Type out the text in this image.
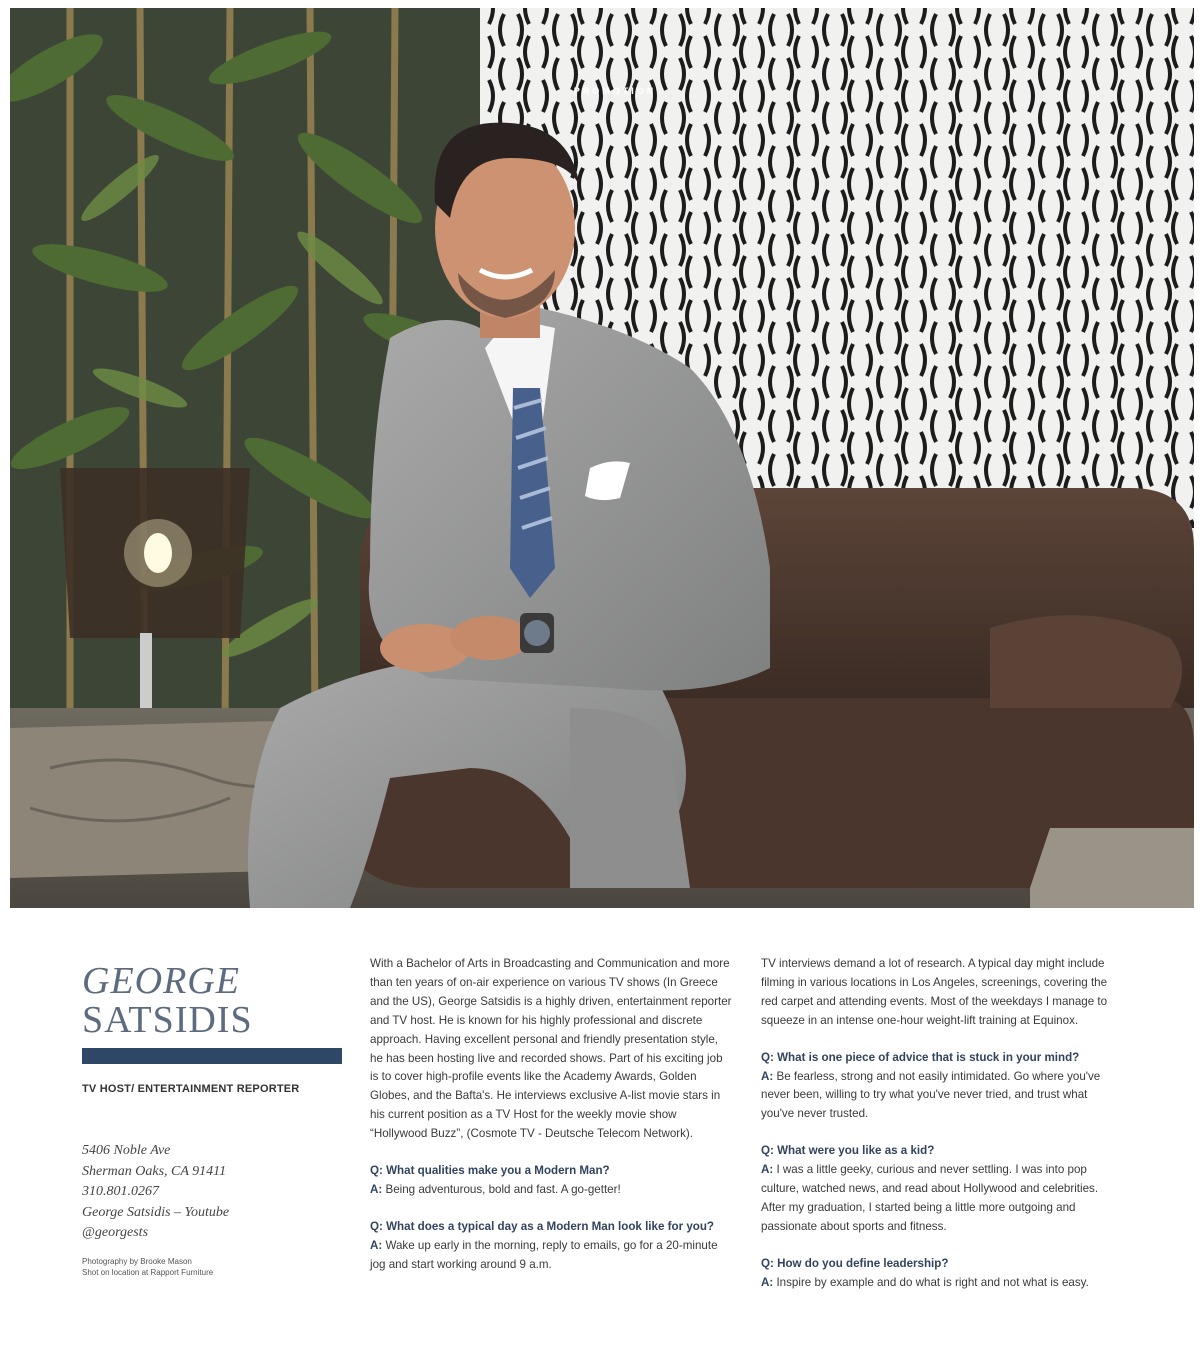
PROMOTION
GEORGE
SATSIDIS
TV HOST/ ENTERTAINMENT REPORTER
5406 Noble Ave
Sherman Oaks, CA 91411
310.801.0267
George Satsidis – Youtube
@georgests
Photography by Brooke Mason
Shot on location at Rapport Furniture

With a Bachelor of Arts in Broadcasting and Communication and more than ten years of on-air experience on various TV shows (In Greece and the US), George Satsidis is a highly driven, entertainment reporter and TV host. He is known for his highly professional and discrete approach. Having excellent personal and friendly presentation style, he has been hosting live and recorded shows. Part of his exciting job is to cover high-profile events like the Academy Awards, Golden Globes, and the Bafta's. He interviews exclusive A-list movie stars in his current position as a TV Host for the weekly movie show “Hollywood Buzz”, (Cosmote TV - Deutsche Telecom Network).

Q: What qualities make you a Modern Man?
A: Being adventurous, bold and fast. A go-getter!

Q: What does a typical day as a Modern Man look like for you?
A: Wake up early in the morning, reply to emails, go for a 20-minute jog and start working around 9 a.m.

TV interviews demand a lot of research. A typical day might include filming in various locations in Los Angeles, screenings, covering the red carpet and attending events. Most of the weekdays I manage to squeeze in an intense one-hour weight-lift training at Equinox.

Q: What is one piece of advice that is stuck in your mind?
A: Be fearless, strong and not easily intimidated. Go where you've never been, willing to try what you've never tried, and trust what you've never trusted.

Q: What were you like as a kid?
A: I was a little geeky, curious and never settling. I was into pop culture, watched news, and read about Hollywood and celebrities. After my graduation, I started being a little more outgoing and passionate about sports and fitness.

Q: How do you define leadership?
A: Inspire by example and do what is right and not what is easy.
